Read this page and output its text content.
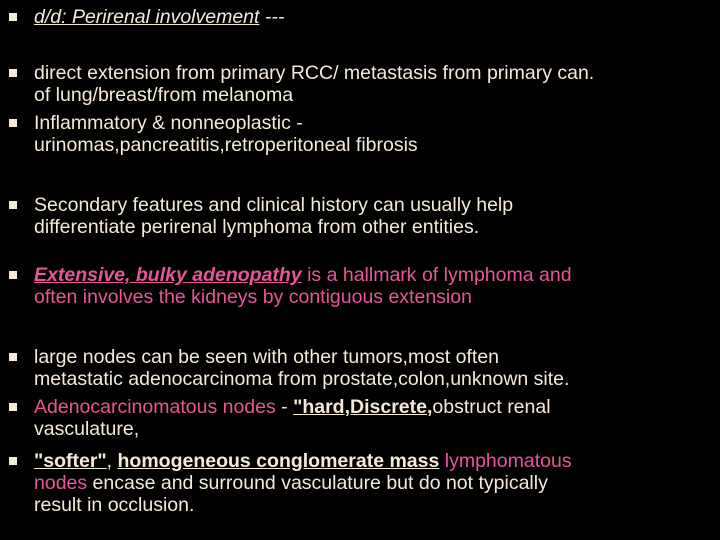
d/d: Perirenal involvement ---
direct extension from primary RCC/ metastasis from primary can.
of lung/breast/from melanoma
Inflammatory & nonneoplastic -
urinomas,pancreatitis,retroperitoneal fibrosis
Secondary features and clinical history can usually help
differentiate perirenal lymphoma from other entities.
Extensive, bulky adenopathy is a hallmark of lymphoma and
often involves the kidneys by contiguous extension
large nodes can be seen with other tumors,most often
metastatic adenocarcinoma from prostate,colon,unknown site.
Adenocarcinomatous nodes - "hard,Discrete,obstruct renal
vasculature,
"softer", homogeneous conglomerate mass lymphomatous
nodes encase and surround vasculature but do not typically
result in occlusion.
